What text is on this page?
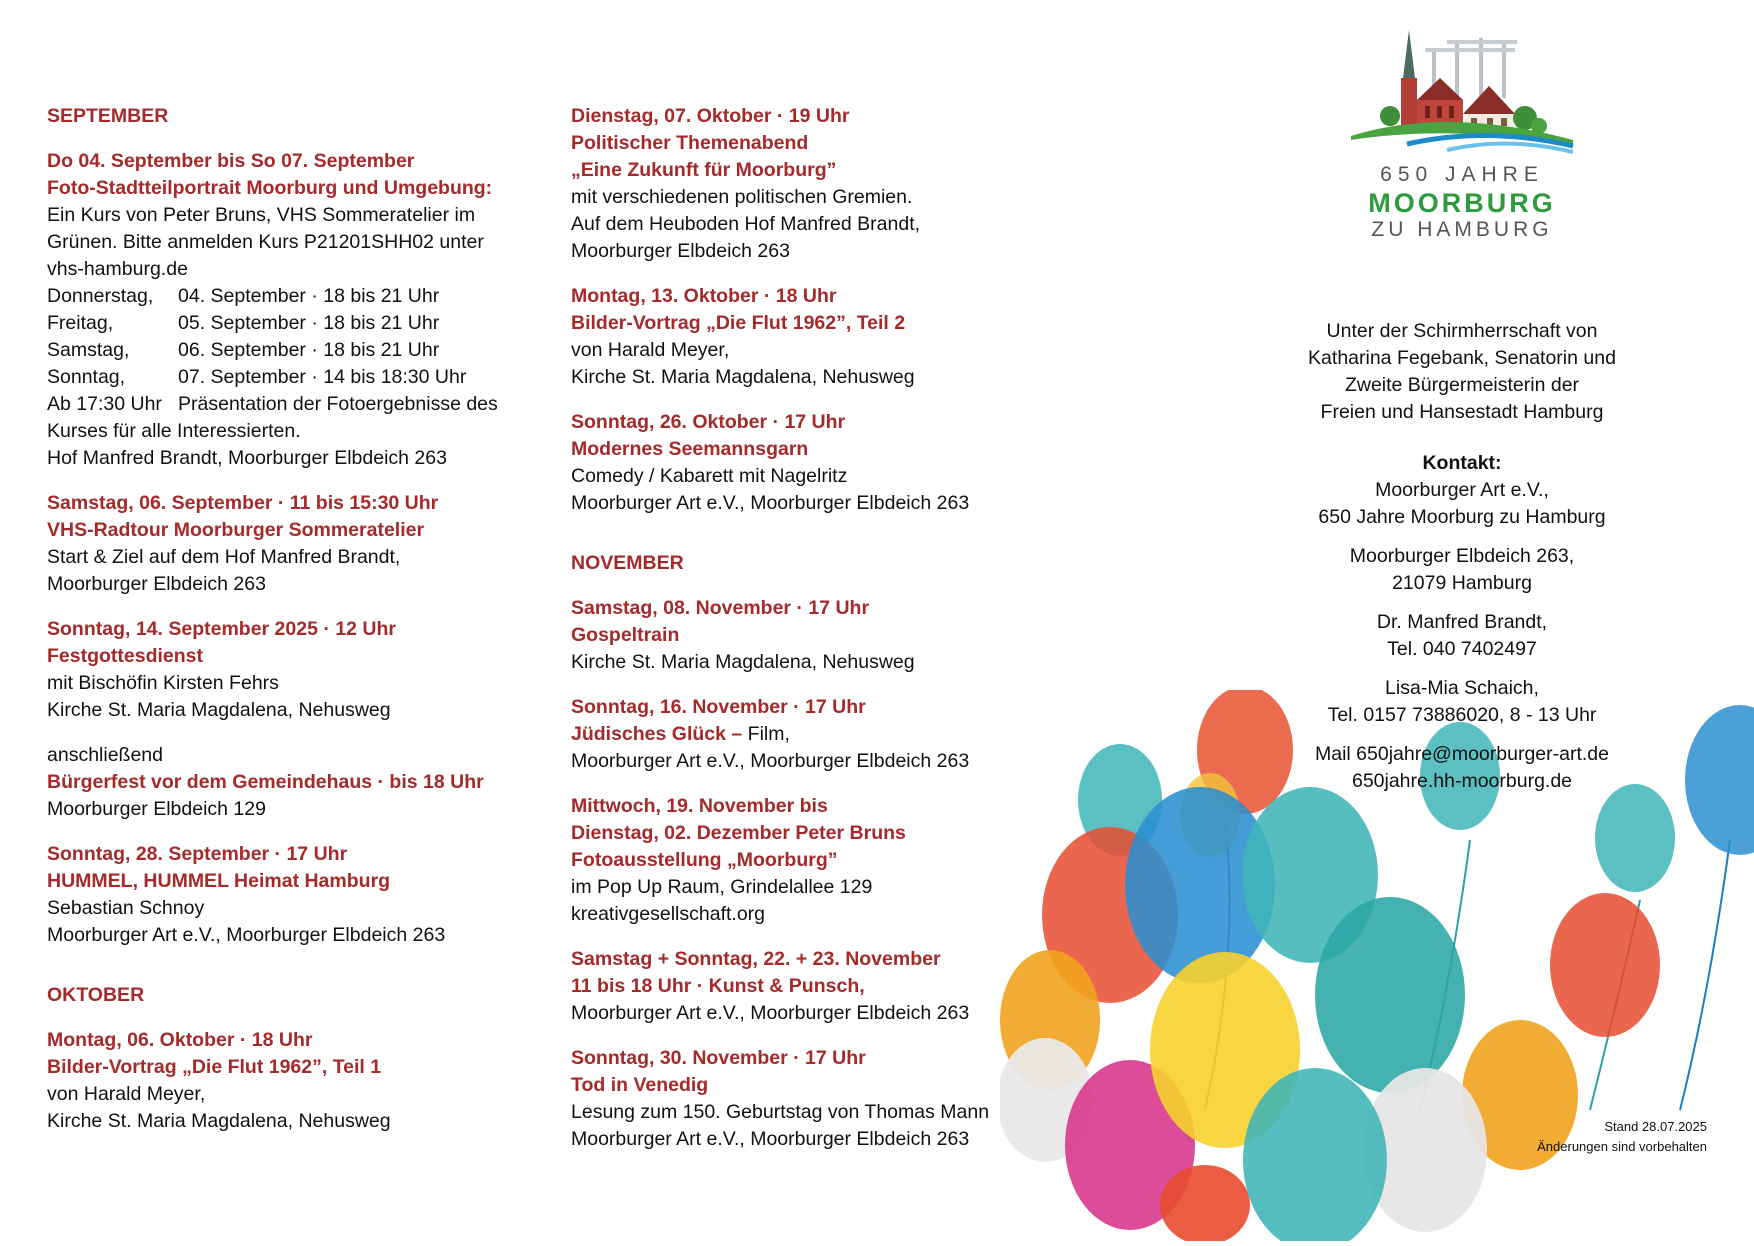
SEPTEMBER
Do 04. September bis So 07. September
Foto-Stadtteilportrait Moorburg und Umgebung:
Ein Kurs von Peter Bruns, VHS Sommeratelier im
Grünen. Bitte anmelden Kurs P21201SHH02 unter
vhs-hamburg.de
Donnerstag,	04. September · 18 bis 21 Uhr
Freitag,	05. September · 18 bis 21 Uhr
Samstag,	06. September · 18 bis 21 Uhr
Sonntag,	07. September · 14 bis 18:30 Uhr
Ab 17:30 Uhr Präsentation der Fotoergebnisse des
Kurses für alle Interessierten.
Hof Manfred Brandt, Moorburger Elbdeich 263
Samstag, 06. September · 11 bis 15:30 Uhr
VHS-Radtour Moorburger Sommeratelier
Start & Ziel auf dem Hof Manfred Brandt,
Moorburger Elbdeich 263
Sonntag, 14. September 2025 · 12 Uhr
Festgottesdienst
mit Bischöfin Kirsten Fehrs
Kirche St. Maria Magdalena, Nehusweg
anschließend
Bürgerfest vor dem Gemeindehaus · bis 18 Uhr
Moorburger Elbdeich 129
Sonntag, 28. September · 17 Uhr
HUMMEL, HUMMEL Heimat Hamburg
Sebastian Schnoy
Moorburger Art e.V., Moorburger Elbdeich 263
OKTOBER
Montag, 06. Oktober · 18 Uhr
Bilder-Vortrag „Die Flut 1962”, Teil 1
von Harald Meyer,
Kirche St. Maria Magdalena, Nehusweg
Dienstag, 07. Oktober · 19 Uhr
Politischer Themenabend
„Eine Zukunft für Moorburg”
mit verschiedenen politischen Gremien.
Auf dem Heuboden Hof Manfred Brandt,
Moorburger Elbdeich 263
Montag, 13. Oktober · 18 Uhr
Bilder-Vortrag „Die Flut 1962”, Teil 2
von Harald Meyer,
Kirche St. Maria Magdalena, Nehusweg
Sonntag, 26. Oktober · 17 Uhr
Modernes Seemannsgarn
Comedy / Kabarett mit Nagelritz
Moorburger Art e.V., Moorburger Elbdeich 263
NOVEMBER
Samstag, 08. November · 17 Uhr
Gospeltrain
Kirche St. Maria Magdalena, Nehusweg
Sonntag, 16. November · 17 Uhr
Jüdisches Glück – Film,
Moorburger Art e.V., Moorburger Elbdeich 263
Mittwoch, 19. November bis
Dienstag, 02. Dezember Peter Bruns
Fotoausstellung „Moorburg”
im Pop Up Raum, Grindelallee 129
kreativgesellschaft.org
Samstag + Sonntag, 22. + 23. November
11 bis 18 Uhr · Kunst & Punsch,
Moorburger Art e.V., Moorburger Elbdeich 263
Sonntag, 30. November · 17 Uhr
Tod in Venedig
Lesung zum 150. Geburtstag von Thomas Mann
Moorburger Art e.V., Moorburger Elbdeich 263
650 JAHRE
MOORBURG
ZU HAMBURG

Unter der Schirmherrschaft von
Katharina Fegebank, Senatorin und
Zweite Bürgermeisterin der
Freien und Hansestadt Hamburg

Kontakt:
Moorburger Art e.V.,
650 Jahre Moorburg zu Hamburg

Moorburger Elbdeich 263,
21079 Hamburg

Dr. Manfred Brandt,
Tel. 040 7402497

Lisa-Mia Schaich,
Tel. 0157 73886020, 8 - 13 Uhr

Mail 650jahre@moorburger-art.de
650jahre.hh-moorburg.de

Stand 28.07.2025
Änderungen sind vorbehalten
